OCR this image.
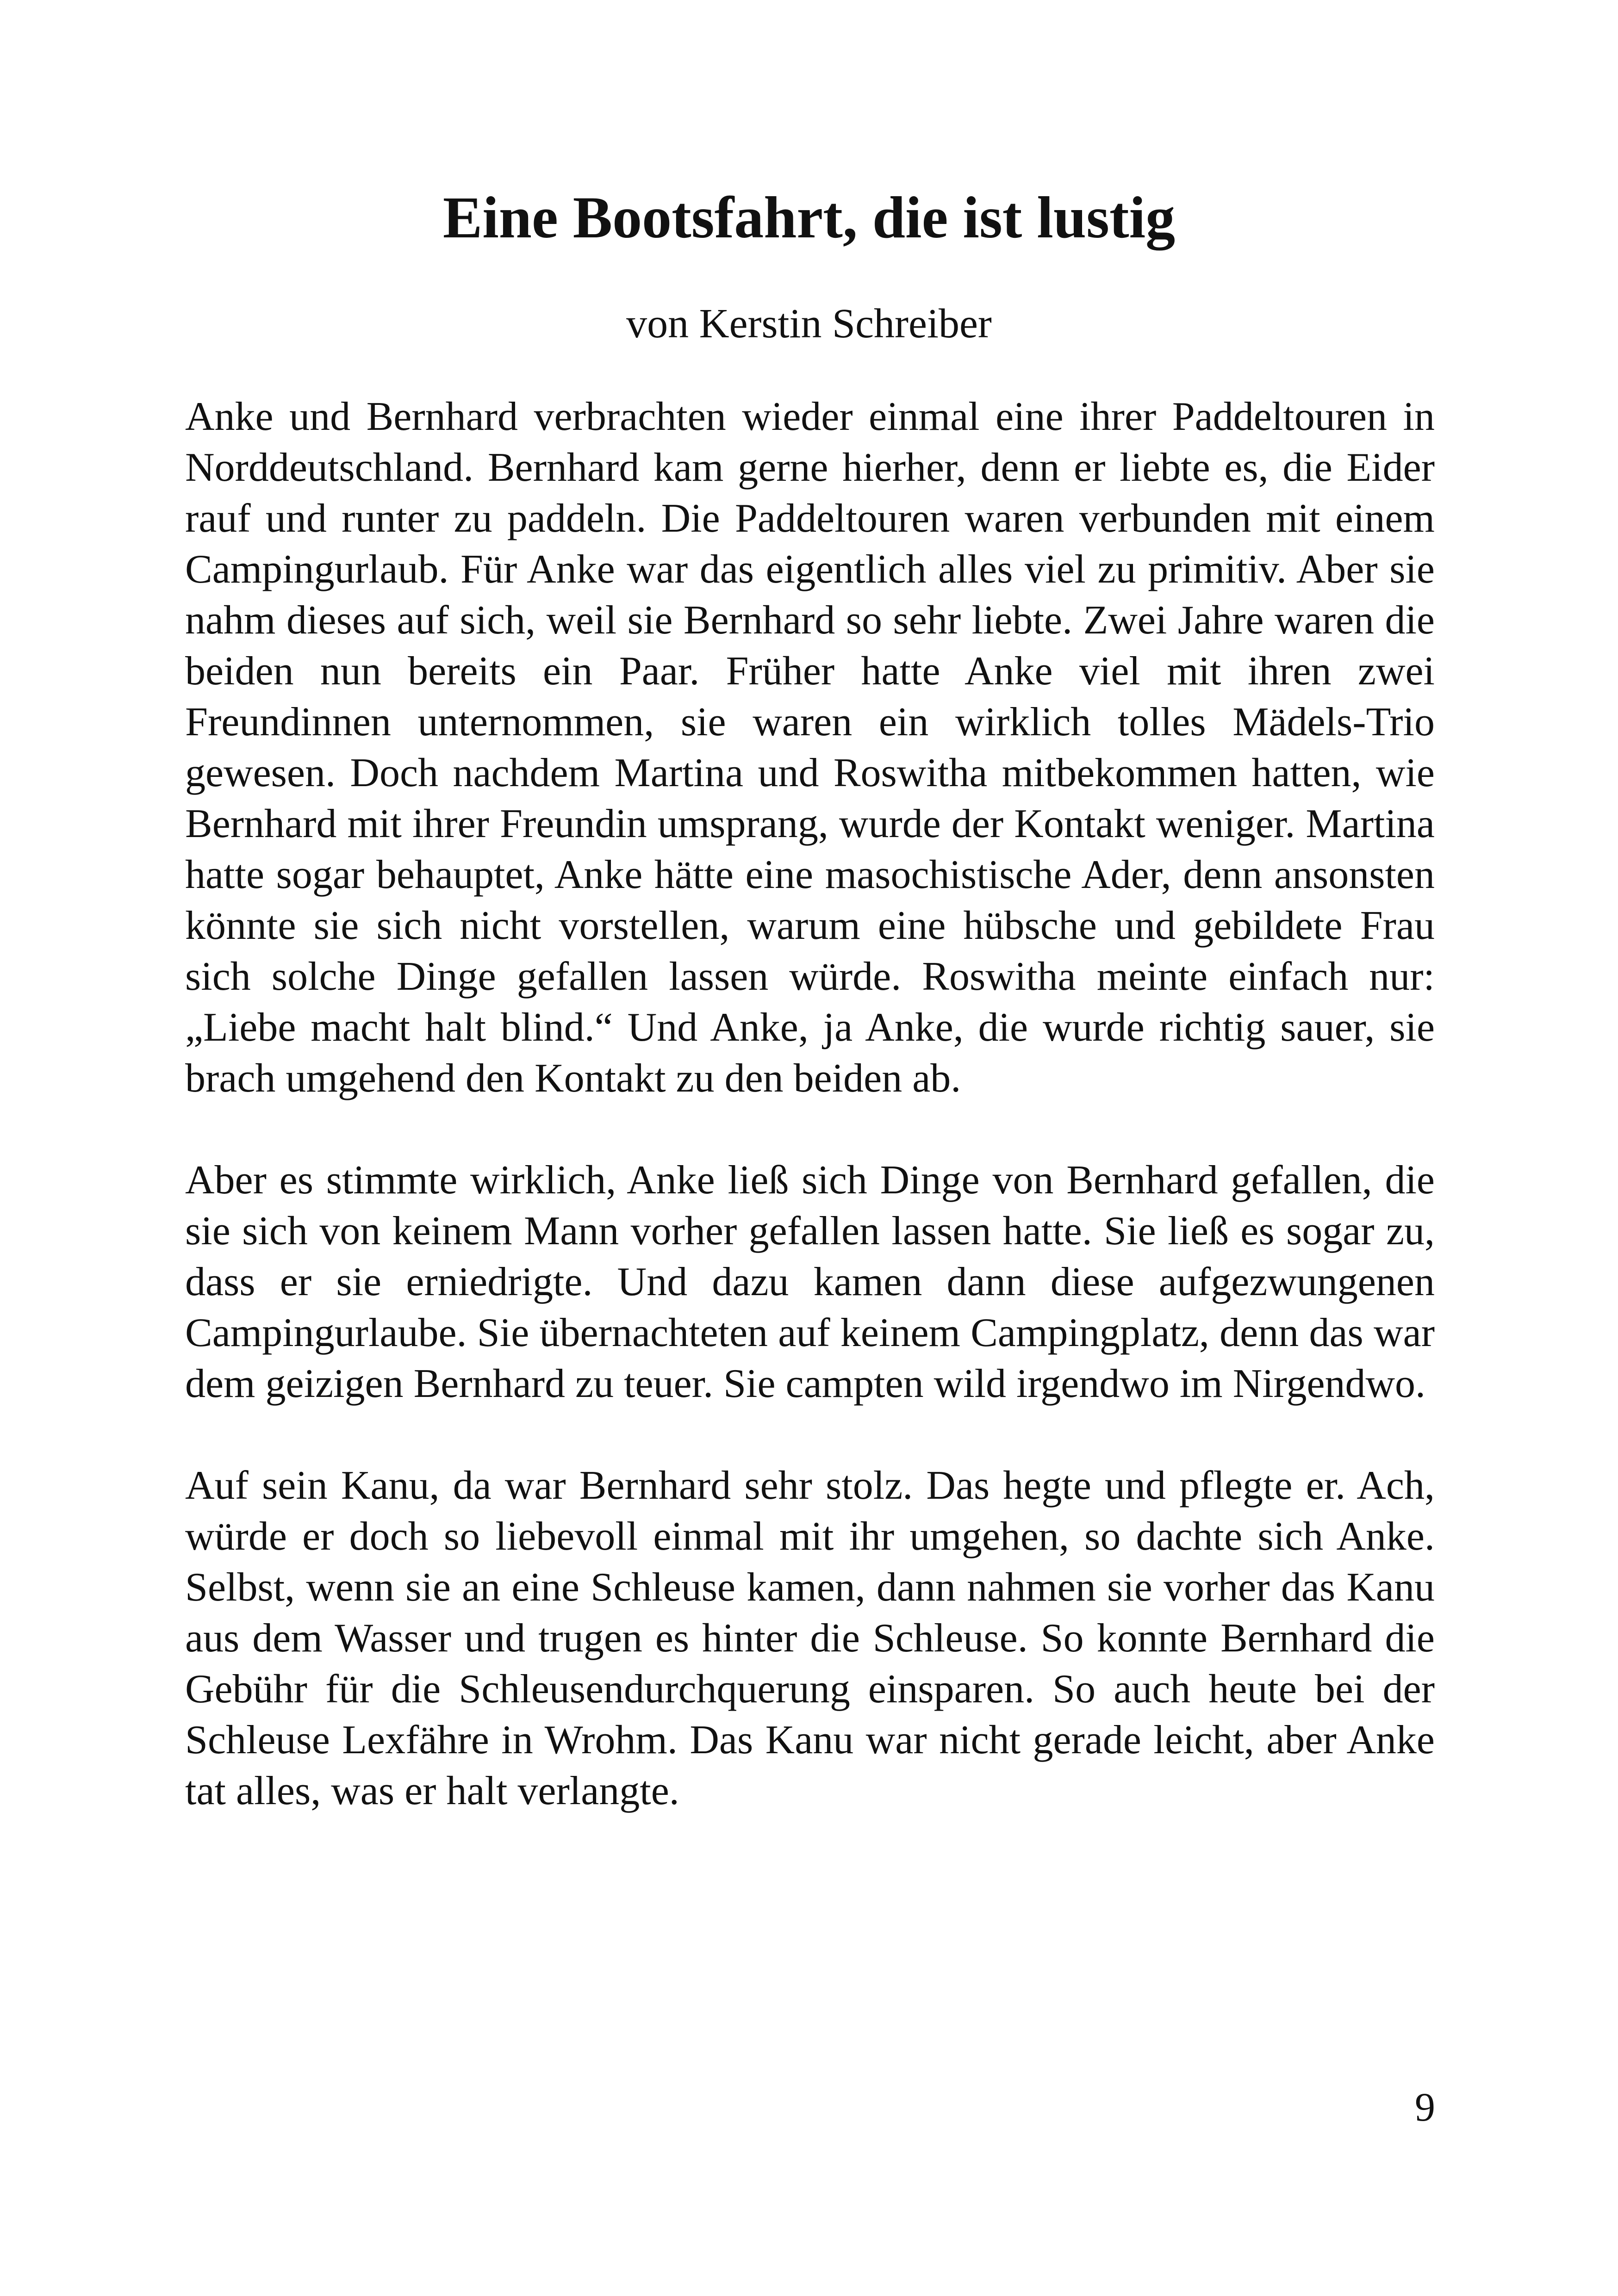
Eine Bootsfahrt, die ist lustig

von Kerstin Schreiber

Anke und Bernhard verbrachten wieder einmal eine ihrer Paddeltouren in Norddeutschland. Bernhard kam gerne hierher, denn er liebte es, die Eider rauf und runter zu paddeln. Die Paddeltouren waren verbunden mit einem Campingurlaub. Für Anke war das eigentlich alles viel zu primitiv. Aber sie nahm dieses auf sich, weil sie Bernhard so sehr liebte. Zwei Jahre waren die beiden nun bereits ein Paar. Früher hatte Anke viel mit ihren zwei Freundinnen unternommen, sie waren ein wirklich tolles Mädels-Trio gewesen. Doch nachdem Martina und Roswitha mitbekommen hatten, wie Bernhard mit ihrer Freundin umsprang, wurde der Kontakt weniger. Martina hatte sogar behauptet, Anke hätte eine masochistische Ader, denn ansonsten könnte sie sich nicht vorstellen, warum eine hübsche und gebildete Frau sich solche Dinge gefallen lassen würde. Roswitha meinte einfach nur: „Liebe macht halt blind.“ Und Anke, ja Anke, die wurde richtig sauer, sie brach umgehend den Kontakt zu den beiden ab.

Aber es stimmte wirklich, Anke ließ sich Dinge von Bernhard gefallen, die sie sich von keinem Mann vorher gefallen lassen hatte. Sie ließ es sogar zu, dass er sie erniedrigte. Und dazu kamen dann diese aufgezwungenen Campingurlaube. Sie übernachteten auf keinem Campingplatz, denn das war dem geizigen Bernhard zu teuer. Sie campten wild irgendwo im Nirgendwo.

Auf sein Kanu, da war Bernhard sehr stolz. Das hegte und pflegte er. Ach, würde er doch so liebevoll einmal mit ihr umgehen, so dachte sich Anke. Selbst, wenn sie an eine Schleuse kamen, dann nahmen sie vorher das Kanu aus dem Wasser und trugen es hinter die Schleuse. So konnte Bernhard die Gebühr für die Schleusendurchquerung einsparen. So auch heute bei der Schleuse Lexfähre in Wrohm. Das Kanu war nicht gerade leicht, aber Anke tat alles, was er halt verlangte.

9
